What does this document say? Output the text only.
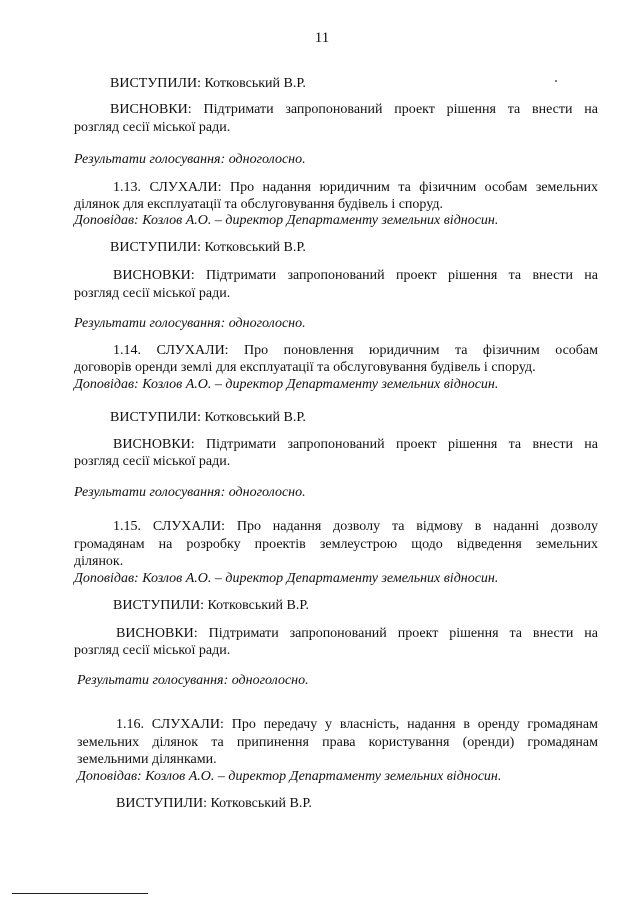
11
ВИСТУПИЛИ: Котковський В.Р.
ВИСНОВКИ: Підтримати запропонований проект рішення та внести на
розгляд сесії міської ради.
Результати голосування: одноголосно.
1.13. СЛУХАЛИ: Про надання юридичним та фізичним особам земельних
ділянок для експлуатації та обслуговування будівель і споруд.
Доповідав: Козлов А.О. – директор Департаменту земельних відносин.
ВИСТУПИЛИ: Котковський В.Р.
ВИСНОВКИ: Підтримати запропонований проект рішення та внести на
розгляд сесії міської ради.
Результати голосування: одноголосно.
1.14. СЛУХАЛИ: Про поновлення юридичним та фізичним особам
договорів оренди землі для експлуатації та обслуговування будівель і споруд.
Доповідав: Козлов А.О. – директор Департаменту земельних відносин.
ВИСТУПИЛИ: Котковський В.Р.
ВИСНОВКИ: Підтримати запропонований проект рішення та внести на
розгляд сесії міської ради.
Результати голосування: одноголосно.
1.15. СЛУХАЛИ: Про надання дозволу та відмову в наданні дозволу
громадянам на розробку проектів землеустрою щодо відведення земельних
ділянок.
Доповідав: Козлов А.О. – директор Департаменту земельних відносин.
ВИСТУПИЛИ: Котковський В.Р.
ВИСНОВКИ: Підтримати запропонований проект рішення та внести на
розгляд сесії міської ради.
Результати голосування: одноголосно.
1.16. СЛУХАЛИ: Про передачу у власність, надання в оренду громадянам
земельних ділянок та припинення права користування (оренди) громадянам
земельними ділянками.
Доповідав: Козлов А.О. – директор Департаменту земельних відносин.
ВИСТУПИЛИ: Котковський В.Р.
